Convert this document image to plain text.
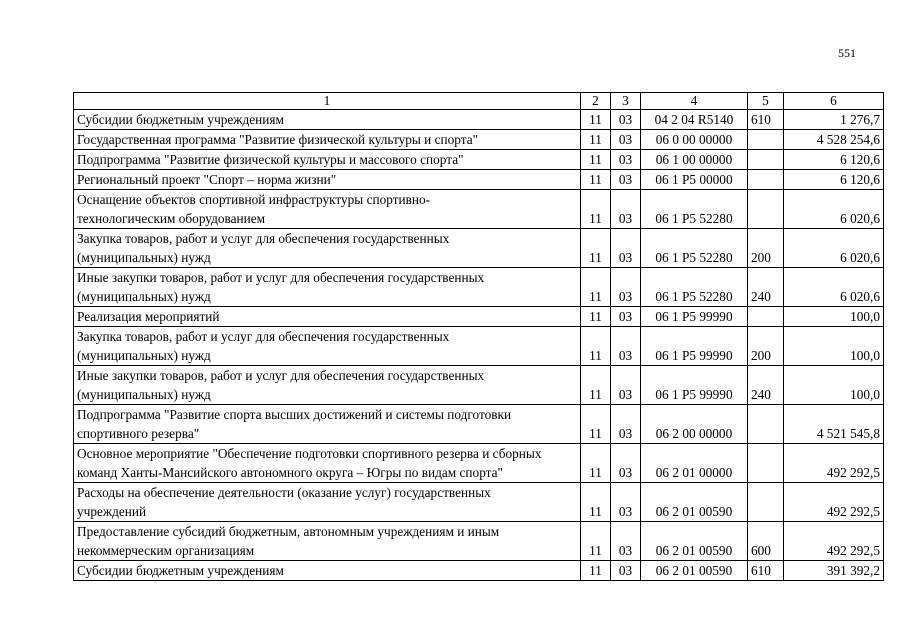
551
1	2	3	4	5	6
Субсидии бюджетным учреждениям	11	03	04 2 04 R5140	610	1 276,7
Государственная программа "Развитие физической культуры и спорта"	11	03	06 0 00 00000		4 528 254,6
Подпрограмма "Развитие физической культуры и массового спорта"	11	03	06 1 00 00000		6 120,6
Региональный проект "Спорт – норма жизни"	11	03	06 1 P5 00000		6 120,6
Оснащение объектов спортивной инфраструктуры спортивно-технологическим оборудованием	11	03	06 1 P5 52280		6 020,6
Закупка товаров, работ и услуг для обеспечения государственных (муниципальных) нужд	11	03	06 1 P5 52280	200	6 020,6
Иные закупки товаров, работ и услуг для обеспечения государственных (муниципальных) нужд	11	03	06 1 P5 52280	240	6 020,6
Реализация мероприятий	11	03	06 1 P5 99990		100,0
Закупка товаров, работ и услуг для обеспечения государственных (муниципальных) нужд	11	03	06 1 P5 99990	200	100,0
Иные закупки товаров, работ и услуг для обеспечения государственных (муниципальных) нужд	11	03	06 1 P5 99990	240	100,0
Подпрограмма "Развитие спорта высших достижений и системы подготовки спортивного резерва"	11	03	06 2 00 00000		4 521 545,8
Основное мероприятие "Обеспечение подготовки спортивного резерва и сборных команд Ханты-Мансийского автономного округа – Югры по видам спорта"	11	03	06 2 01 00000		492 292,5
Расходы на обеспечение деятельности (оказание услуг) государственных учреждений	11	03	06 2 01 00590		492 292,5
Предоставление субсидий бюджетным, автономным учреждениям и иным некоммерческим организациям	11	03	06 2 01 00590	600	492 292,5
Субсидии бюджетным учреждениям	11	03	06 2 01 00590	610	391 392,2
